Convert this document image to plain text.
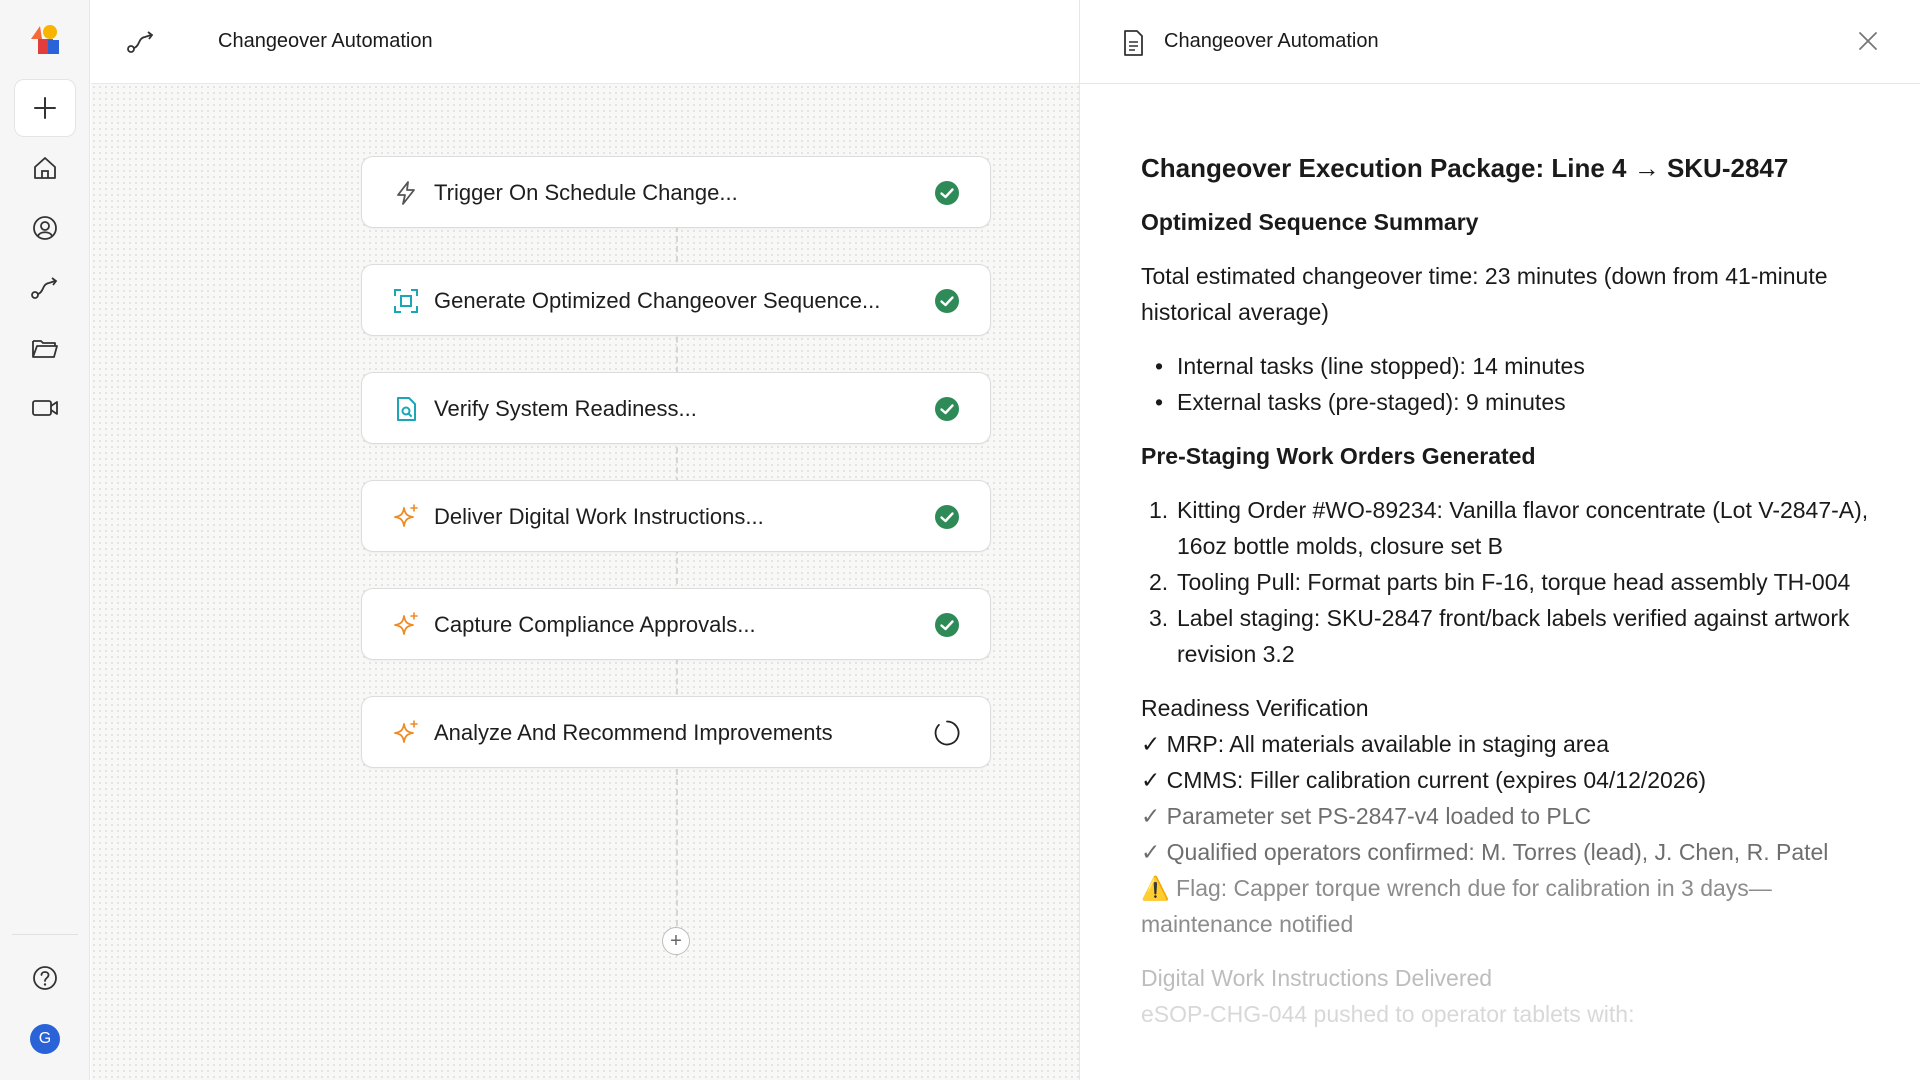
G
Changeover Automation
Trigger On Schedule Change...
Generate Optimized Changeover Sequence...
Verify System Readiness...
Deliver Digital Work Instructions...
Capture Compliance Approvals...
Analyze And Recommend Improvements
+
Changeover Automation
Changeover Execution Package: Line 4 → SKU-2847
Optimized Sequence Summary

Total estimated changeover time: 23 minutes (down from 41-minute historical average)

• Internal tasks (line stopped): 14 minutes
• External tasks (pre-staged): 9 minutes
Pre-Staging Work Orders Generated
1. Kitting Order #WO-89234: Vanilla flavor concentrate (Lot V-2847-A), 16oz bottle molds, closure set B
2. Tooling Pull: Format parts bin F-16, torque head assembly TH-004
3. Label staging: SKU-2847 front/back labels verified against artwork revision 3.2
Readiness Verification
✓ MRP: All materials available in staging area
✓ CMMS: Filler calibration current (expires 04/12/2026)
✓ Parameter set PS-2847-v4 loaded to PLC
✓ Qualified operators confirmed: M. Torres (lead), J. Chen, R. Patel

⚠️ Flag: Capper torque wrench due for calibration in 3 days—maintenance notified

Digital Work Instructions Delivered
eSOP-CHG-044 pushed to operator tablets with:
